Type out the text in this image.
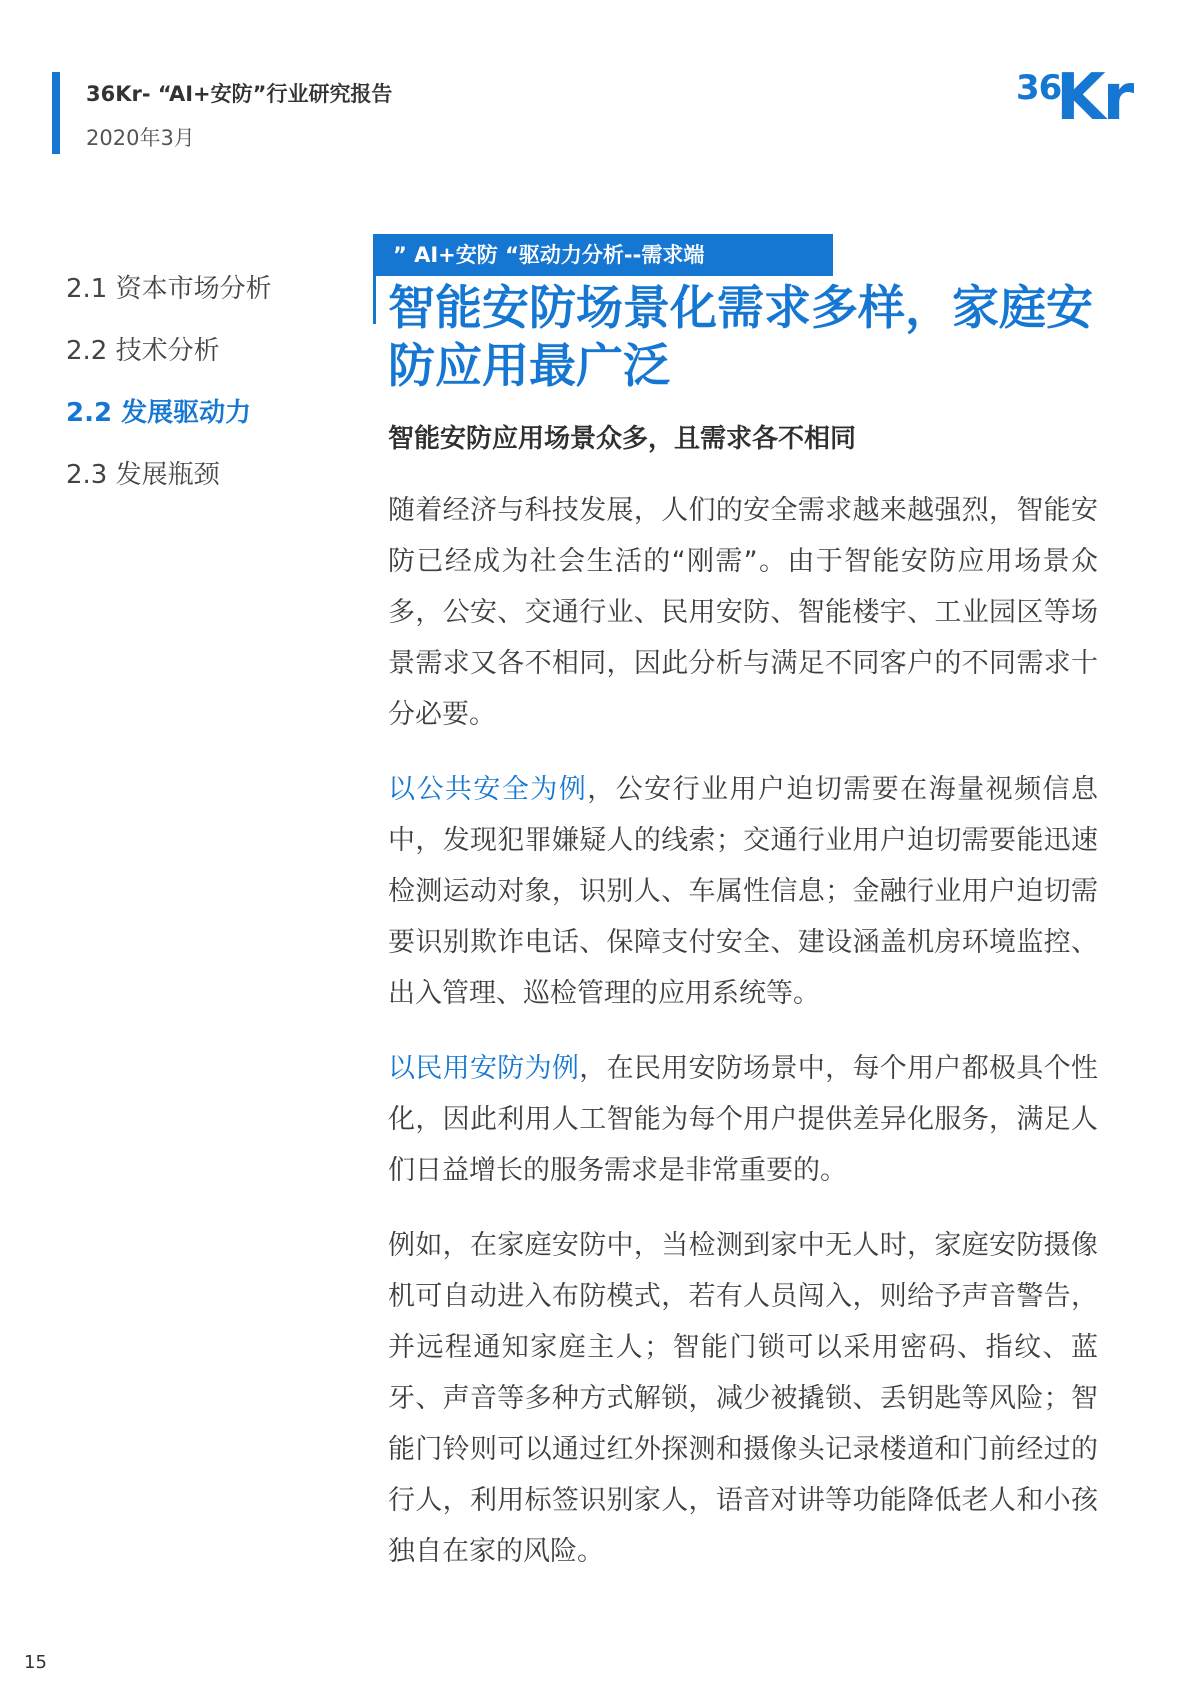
36Kr- “AI+安防”行业研究报告
2020年3月
36
Kr
2.1 资本市场分析
2.2 技术分析
2.2 发展驱动力
2.3 发展瓶颈
” AI+安防 “驱动力分析--需求端
智能安防场景化需求多样，家庭安防应用最广泛
智能安防应用场景众多，且需求各不相同

随着经济与科技发展，人们的安全需求越来越强烈，智能安防已经成为社会生活的“刚需”。由于智能安防应用场景众多，公安、交通行业、民用安防、智能楼宇、工业园区等场景需求又各不相同，因此分析与满足不同客户的不同需求十分必要。

以公共安全为例，公安行业用户迫切需要在海量视频信息中，发现犯罪嫌疑人的线索；交通行业用户迫切需要能迅速检测运动对象，识别人、车属性信息；金融行业用户迫切需要识别欺诈电话、保障支付安全、建设涵盖机房环境监控、出入管理、巡检管理的应用系统等。

以民用安防为例，在民用安防场景中，每个用户都极具个性化，因此利用人工智能为每个用户提供差异化服务，满足人们日益增长的服务需求是非常重要的。

例如，在家庭安防中，当检测到家中无人时，家庭安防摄像机可自动进入布防模式，若有人员闯入，则给予声音警告，并远程通知家庭主人；智能门锁可以采用密码、指纹、蓝牙、声音等多种方式解锁，减少被撬锁、丢钥匙等风险；智能门铃则可以通过红外探测和摄像头记录楼道和门前经过的行人，利用标签识别家人，语音对讲等功能降低老人和小孩独自在家的风险。

15
